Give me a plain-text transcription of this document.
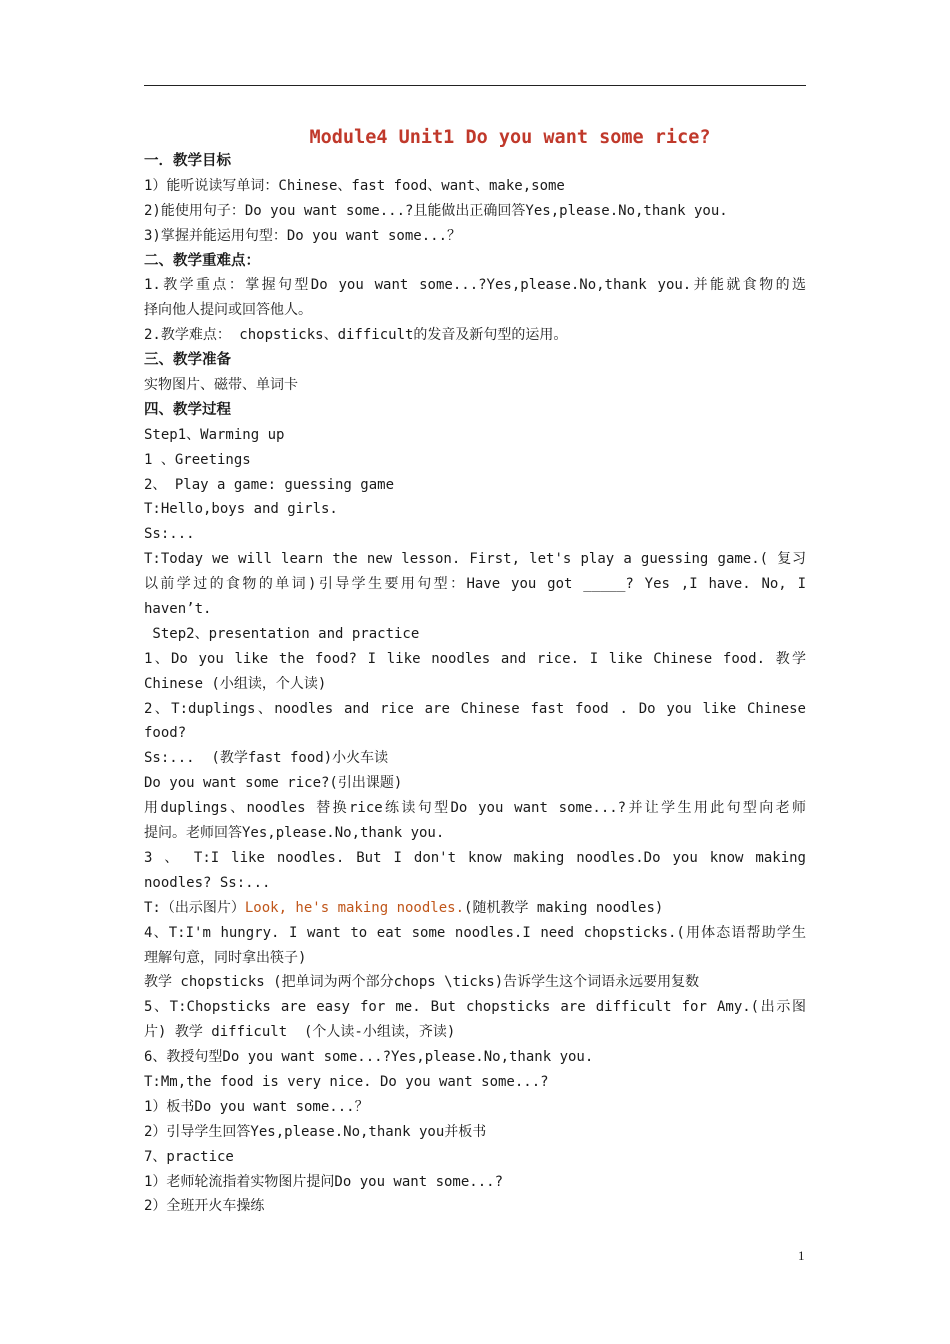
Module4 Unit1 Do you want some rice?
一．教学目标
1）能听说读写单词：Chinese、fast food、want、make,some
2)能使用句子：Do you want some...?且能做出正确回答Yes,please.No,thank you.
3)掌握并能运用句型：Do you want some...？
二、教学重难点：
1.教学重点：掌握句型Do you want some...?Yes,please.No,thank you.并能就食物的选
择向他人提问或回答他人。
2.教学难点： chopsticks、difficult的发音及新句型的运用。
三、教学准备
实物图片、磁带、单词卡
四、教学过程
Step1、Warming up
1 、Greetings
2、 Play a game: guessing game
T:Hello,boys and girls.
Ss:...
T:Today we will learn the new lesson. First, let's play a guessing game.( 复习
以前学过的食物的单词)引导学生要用句型：Have you got _____? Yes ,I have. No, I
haven’t.
Step2、presentation and practice
1、Do you like the food? I like noodles and rice. I like Chinese food. 教学
Chinese (小组读，个人读)
2、T:duplings、noodles and rice are Chinese fast food . Do you like Chinese
food?
Ss:...  (教学fast food)小火车读
Do you want some rice?(引出课题)
用duplings、noodles 替换rice练读句型Do you want some...?并让学生用此句型向老师
提问。老师回答Yes,please.No,thank you.
3 、 T:I like noodles. But I don't know making noodles.Do you know making
noodles? Ss:...
T:（出示图片）Look, he's making noodles.(随机教学 making noodles)
4、T:I'm hungry. I want to eat some noodles.I need chopsticks.(用体态语帮助学生
理解句意，同时拿出筷子)
教学 chopsticks (把单词为两个部分chops \ticks)告诉学生这个词语永远要用复数
5、T:Chopsticks are easy for me. But chopsticks are difficult for Amy.(出示图
片) 教学 difficult  (个人读-小组读，齐读)
6、教授句型Do you want some...?Yes,please.No,thank you.
T:Mm,the food is very nice. Do you want some...?
1）板书Do you want some...？
2）引导学生回答Yes,please.No,thank you并板书
7、practice
1）老师轮流指着实物图片提问Do you want some...?
2）全班开火车操练
1
